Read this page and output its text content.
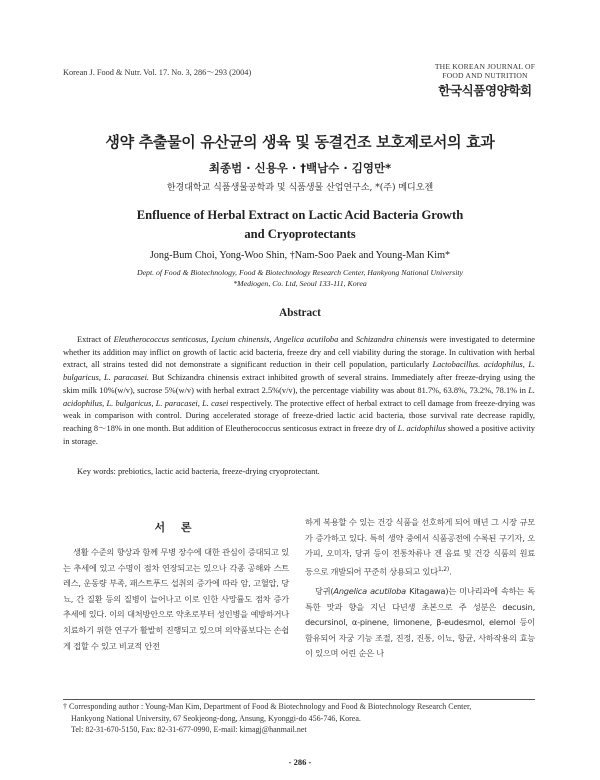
Korean J. Food & Nutr. Vol. 17. No. 3, 286～293 (2004)
THE KOREAN JOURNAL OF
FOOD AND NUTRITION
한국식품영양학회
생약 추출물이 유산균의 생육 및 동결건조 보호제로서의 효과
최종범 · 신용우 · †백남수 · 김영만*
한경대학교 식품생물공학과 및 식품생물 산업연구소, *(주) 메디오젠
Enfluence of Herbal Extract on Lactic Acid Bacteria Growth
and Cryoprotectants
Jong-Bum Choi, Yong-Woo Shin, †Nam-Soo Paek and Young-Man Kim*
Dept. of Food & Biotechnology, Food & Biotechnology Research Center, Hankyong National University
*Mediogen, Co. Ltd, Seoul 133-111, Korea
Abstract
Extract of Eleutherococcus senticosus, Lycium chinensis, Angelica acutiloba and Schizandra chinensis were investigated to determine whether its addition may inflict on growth of lactic acid bacteria, freeze dry and cell viability during the storage. In cultivation with herbal extract, all strains tested did not demonstrate a significant reduction in their cell population, particularly Lactobacillus. acidophilus, L. bulgaricus, L. paracasei. But Schizandra chinensis extract inhibited growth of several strains. Immediately after freeze-drying using the skim milk 10%(w/v), sucrose 5%(w/v) with herbal extract 2.5%(v/v), the percentage viability was about 81.7%, 63.8%, 73.2%, 78.1% in L. acidophilus, L. bulgaricus, L. paracasei, L. casei respectively. The protective effect of herbal extract to cell damage from freeze-drying was weak in comparison with control. During accelerated storage of freeze-dried lactic acid bacteria, those survival rate decrease rapidly, reaching 8～18% in one month. But addition of Eleutherococcus senticosus extract in freeze dry of L. acidophilus showed a positive activity in storage.
Key words: prebiotics, lactic acid bacteria, freeze-drying cryoprotectant.
서 론
생활 수준의 향상과 함께 무병 장수에 대한 관심이 증대되고 있는 추세에 있고 수명이 점차 연장되고는 있으나 각종 공해와 스트레스, 운동량 부족, 패스트푸드 섭취의 증가에 따라 암, 고혈압, 당뇨, 간 질환 등의 질병이 늘어나고 이로 인한 사망률도 점차 증가 추세에 있다. 이의 대처방안으로 약초로부터 성인병을 예방하거나 치료하기 위한 연구가 활발히 진행되고 있으며 의약품보다는 손쉽게 접할 수 있고 비교적 안전

하게 복용할 수 있는 건강 식품을 선호하게 되어 매년 그 시장 규모가 증가하고 있다. 특히 생약 중에서 식품공전에 수록된 구기자, 오가피, 오미자, 당귀 등이 전통차류나 겐 음료 및 건강 식품의 원료 등으로 개발되어 꾸준히 상용되고 있다$^{1,2)}$.

당귀(Angelica acutiloba Kitagawa)는 미나리과에 속하는 독특한 맛과 향을 지닌 다년생 초본으로 주 성분은 decusin, decursinol, α-pinene, limonene, β-eudesmol, elemol 등이 함유되어 자궁 기능 조절, 진정, 진통, 이뇨, 항균, 사하작용의 효능이 있으며 어린 순은 나

† Corresponding author : Young-Man Kim, Department of Food & Biotechnology and Food & Biotechnology Research Center,
Hankyong National University, 67 Seokjeong-dong, Ansung, Kyonggi-do 456-746, Korea.
Tel: 82-31-670-5150, Fax: 82-31-677-0990, E-mail: kimagj@hanmail.net
- 286 -
